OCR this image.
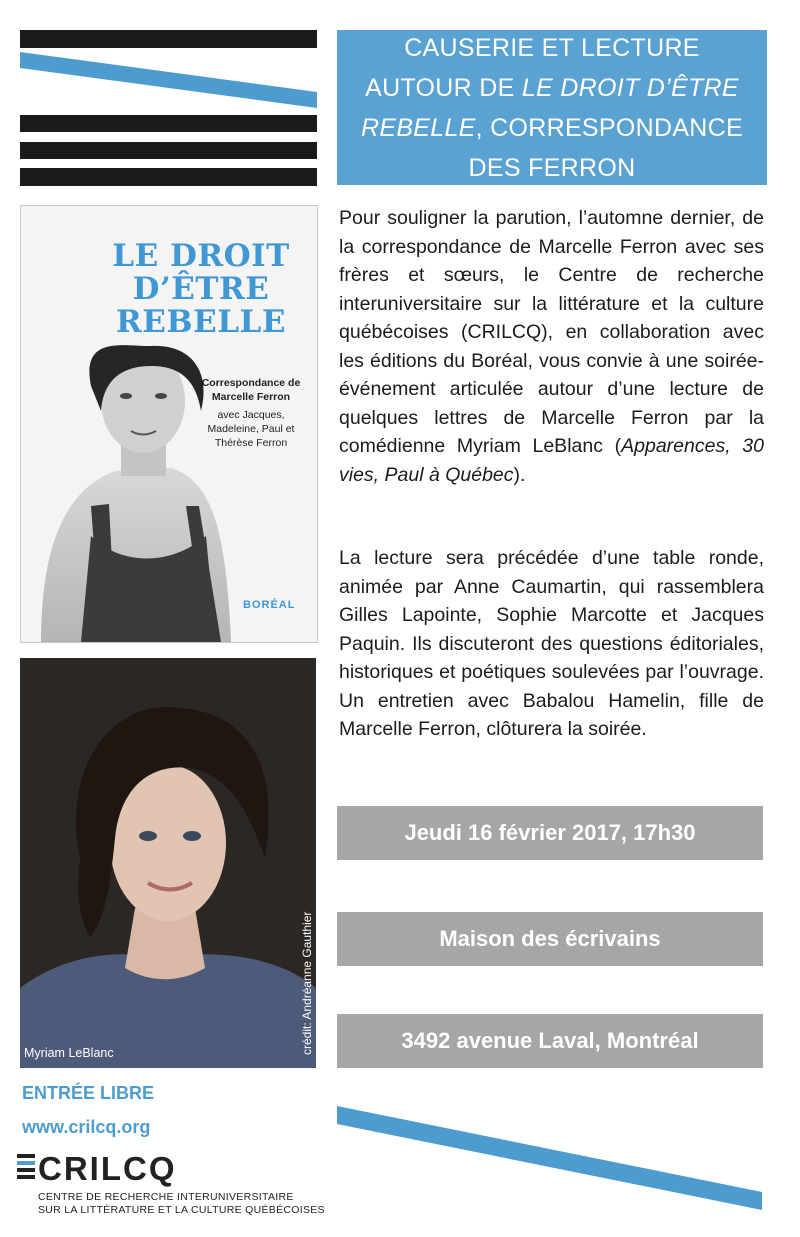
CAUSERIE ET LECTURE
AUTOUR DE LE DROIT D’ÊTRE
REBELLE, CORRESPONDANCE
DES FERRON
LE DROIT
D’ÊTRE
REBELLE
Correspondance de
Marcelle Ferron
avec Jacques,
Madeleine, Paul et
Thérèse Ferron
BORÉAL
Myriam LeBlanc	crédit: Andréanne Gauthier

Pour souligner la parution, l’automne dernier, de la correspondance de Marcelle Ferron avec ses frères et sœurs, le Centre de recherche interuniversitaire sur la littérature et la culture québécoises (CRILCQ), en collaboration avec les éditions du Boréal, vous convie à une soirée-événement articulée autour d’une lecture de quelques lettres de Marcelle Ferron par la comédienne Myriam LeBlanc (Apparences, 30 vies, Paul à Québec).

La lecture sera précédée d’une table ronde, animée par Anne Caumartin, qui rassemblera Gilles Lapointe, Sophie Marcotte et Jacques Paquin. Ils discuteront des questions éditoriales, historiques et poétiques soulevées par l’ouvrage. Un entretien avec Babalou Hamelin, fille de Marcelle Ferron, clôturera la soirée.

Jeudi 16 février 2017, 17h30
Maison des écrivains
3492 avenue Laval, Montréal
ENTRÉE LIBRE
www.crilcq.org
CRILCQ
CENTRE DE RECHERCHE INTERUNIVERSITAIRE
SUR LA LITTÉRATURE ET LA CULTURE QUÉBÉCOISES
